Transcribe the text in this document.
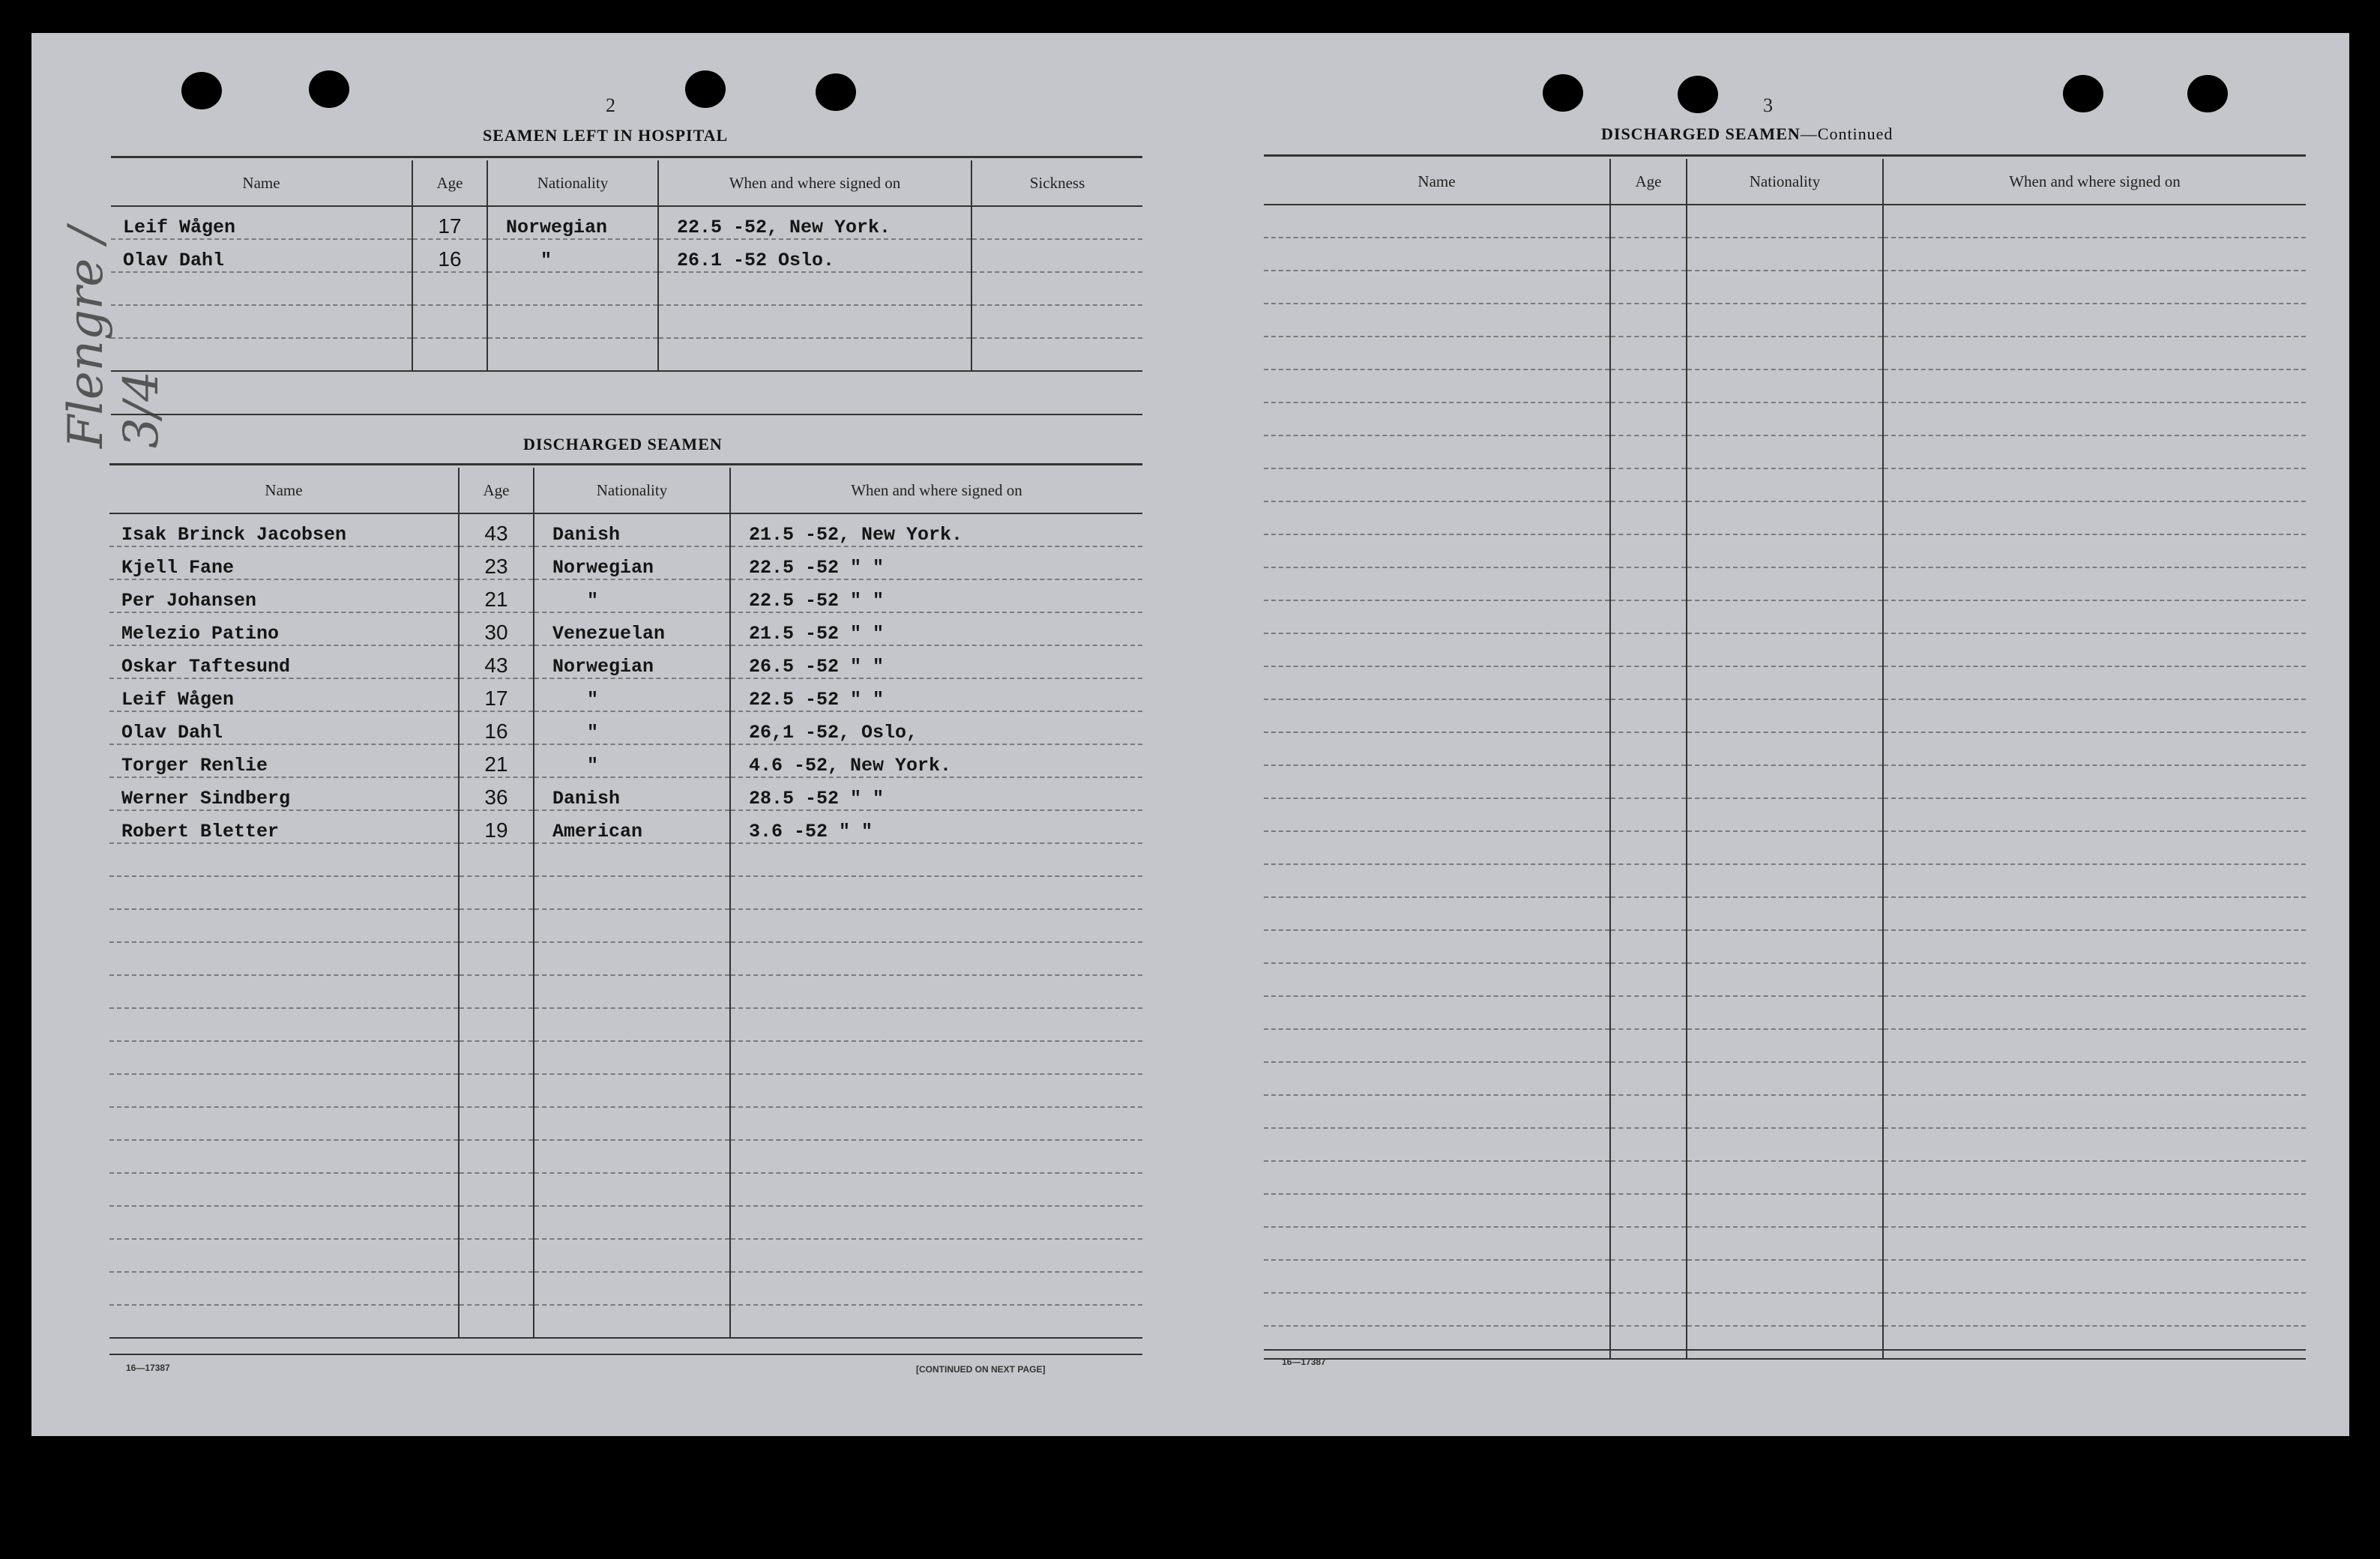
Flengre / 3/4
2
SEAMEN LEFT IN HOSPITAL
Name	Age	Nationality	When and where signed on	Sickness
Leif Wågen	17	Norwegian	22.5 -52, New York.	
Olav Dahl	16	"	26.1 -52 Oslo.	

DISCHARGED SEAMEN
Name	Age	Nationality	When and where signed on
Isak Brinck Jacobsen	43	Danish	21.5 -52, New York.
Kjell Fane	23	Norwegian	22.5 -52 " "
Per Johansen	21	"	22.5 -52 " "
Melezio Patino	30	Venezuelan	21.5 -52 " "
Oskar Taftesund	43	Norwegian	26.5 -52 " "
Leif Wågen	17	"	22.5 -52 " "
Olav Dahl	16	"	26,1 -52, Oslo,
Torger Renlie	21	"	4.6 -52, New York.
Werner Sindberg	36	Danish	28.5 -52 " "
Robert Bletter	19	American	3.6 -52 " "

16—17387	[CONTINUED ON NEXT PAGE]
3
DISCHARGED SEAMEN—Continued
Name	Age	Nationality	When and where signed on

16—17387
